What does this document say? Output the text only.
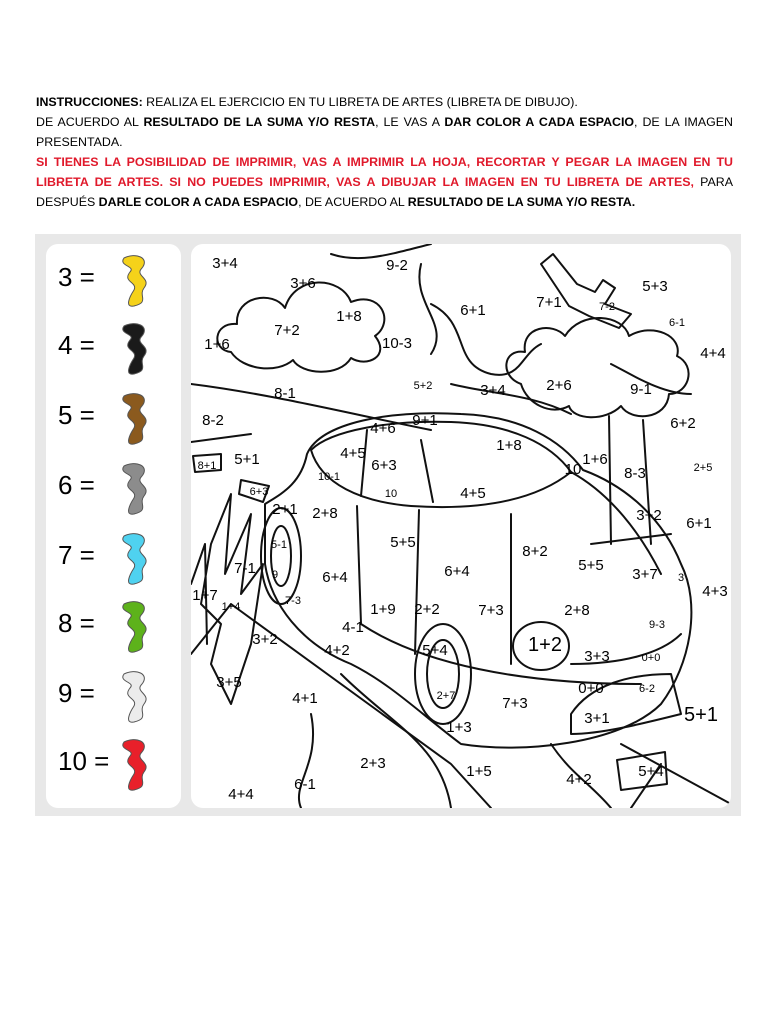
INSTRUCCIONES: REALIZA EL EJERCICIO EN TU LIBRETA DE ARTES (LIBRETA DE DIBUJO).

DE ACUERDO AL RESULTADO DE LA SUMA Y/O RESTA, LE VAS A DAR COLOR A CADA ESPACIO, DE LA IMAGEN PRESENTADA.

SI TIENES LA POSIBILIDAD DE IMPRIMIR, VAS A IMPRIMIR LA HOJA, RECORTAR Y PEGAR LA IMAGEN EN TU LIBRETA DE ARTES. SI NO PUEDES IMPRIMIR, VAS A DIBUJAR LA IMAGEN EN TU LIBRETA DE ARTES, PARA DESPUÉS DARLE COLOR A CADA ESPACIO, DE ACUERDO AL RESULTADO DE LA SUMA Y/O RESTA.

3 =
4 =
5 =
6 =
7 =
8 =
9 =
10 =
3+4	9-2
3+6	5+3
6+1	7+1	7-2
6-1
1+8
7+2
1+6	10-3
4+4
2+6	9-1
8-1	5+2	3+4
9+1	6+2
8-2	4+6
1+8
4+5
6+3	10
1+6
5+1
8+1
10-1
10
8-3	2+5
6+3	4+5
2+1 2+8	3+2 6+1
5-1	5+5
8+2
5+5
7-1
6+4	6+4	3+7 3
1+7
9
7-3
1+4	1+9 2+2	7+3	2+8
4+3
4-1	9-3
3+2
4+2	5+4	1+2
3+3	0+0
3+5
2+7	0+0	6-2
4+1	7+3
1+3
3+1	5+1
2+3	1+5	4+2	5+4
4+4
6-1
